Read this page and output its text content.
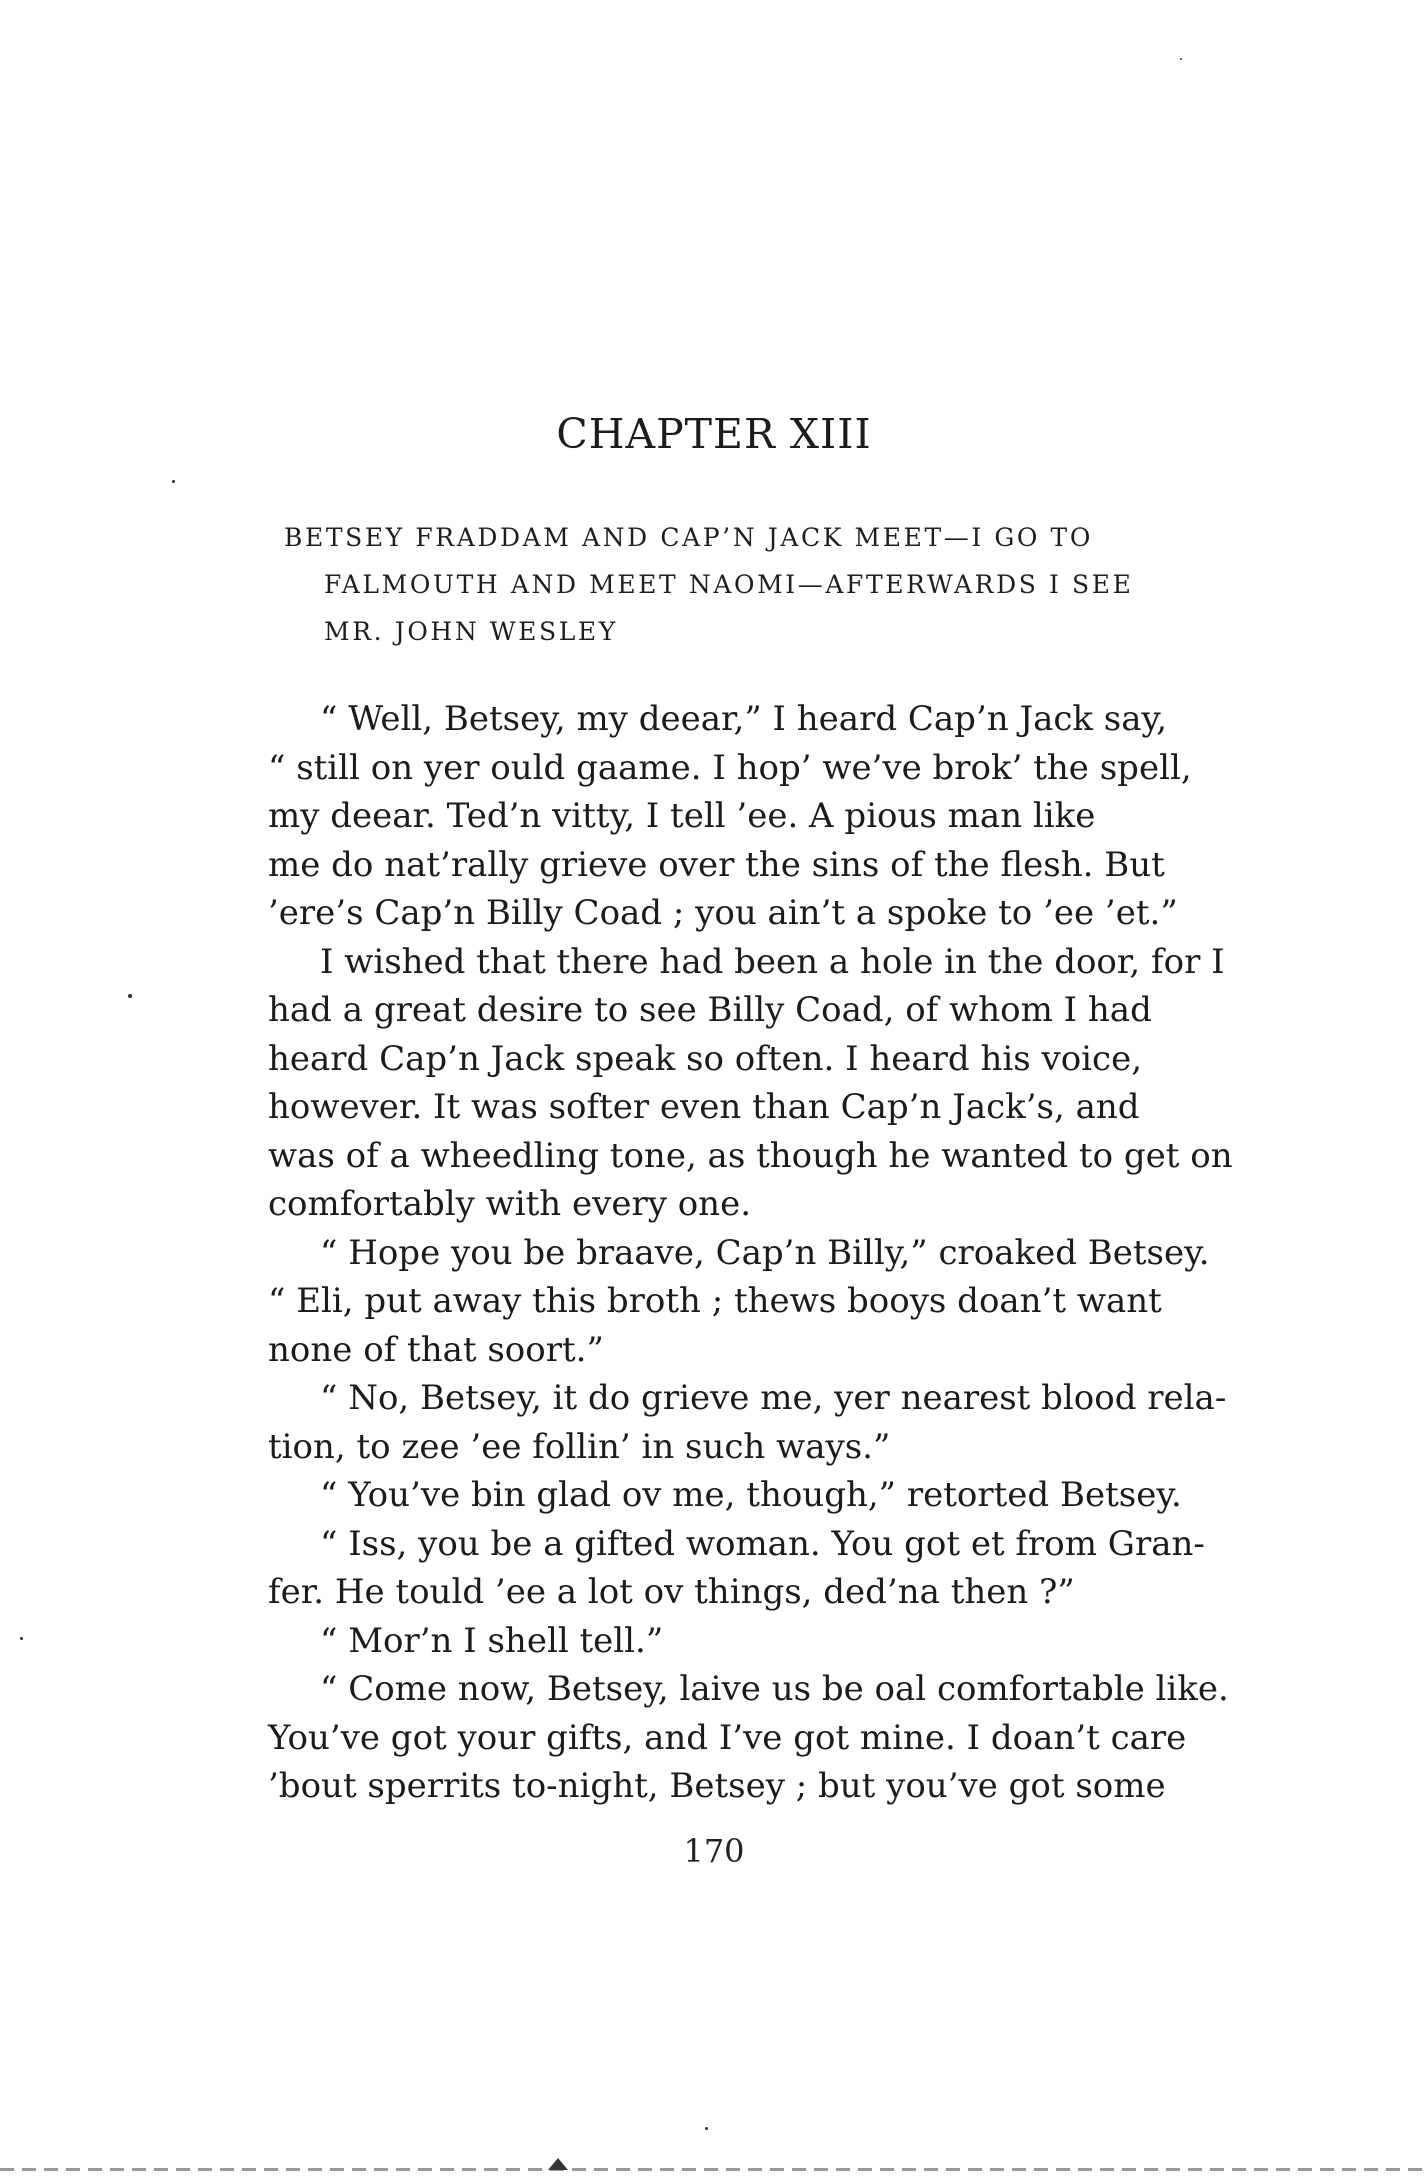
CHAPTER XIII
BETSEY FRADDAM AND CAP’N JACK MEET—I GO TO
FALMOUTH AND MEET NAOMI—AFTERWARDS I SEE
MR. JOHN WESLEY
“ Well, Betsey, my deear,” I heard Cap’n Jack say,
“ still on yer ould gaame. I hop’ we’ve brok’ the spell,
my deear. Ted’n vitty, I tell ’ee. A pious man like
me do nat’rally grieve over the sins of the flesh. But
’ere’s Cap’n Billy Coad ; you ain’t a spoke to ’ee ’et.”
I wished that there had been a hole in the door, for I
had a great desire to see Billy Coad, of whom I had
heard Cap’n Jack speak so often. I heard his voice,
however. It was softer even than Cap’n Jack’s, and
was of a wheedling tone, as though he wanted to get on
comfortably with every one.
“ Hope you be braave, Cap’n Billy,” croaked Betsey.
“ Eli, put away this broth ; thews booys doan’t want
none of that soort.”
“ No, Betsey, it do grieve me, yer nearest blood rela-
tion, to zee ’ee follin’ in such ways.”
“ You’ve bin glad ov me, though,” retorted Betsey.
“ Iss, you be a gifted woman. You got et from Gran-
fer. He tould ’ee a lot ov things, ded’na then ?”
“ Mor’n I shell tell.”
“ Come now, Betsey, laive us be oal comfortable like.
You’ve got your gifts, and I’ve got mine. I doan’t care
’bout sperrits to-night, Betsey ; but you’ve got some
170
